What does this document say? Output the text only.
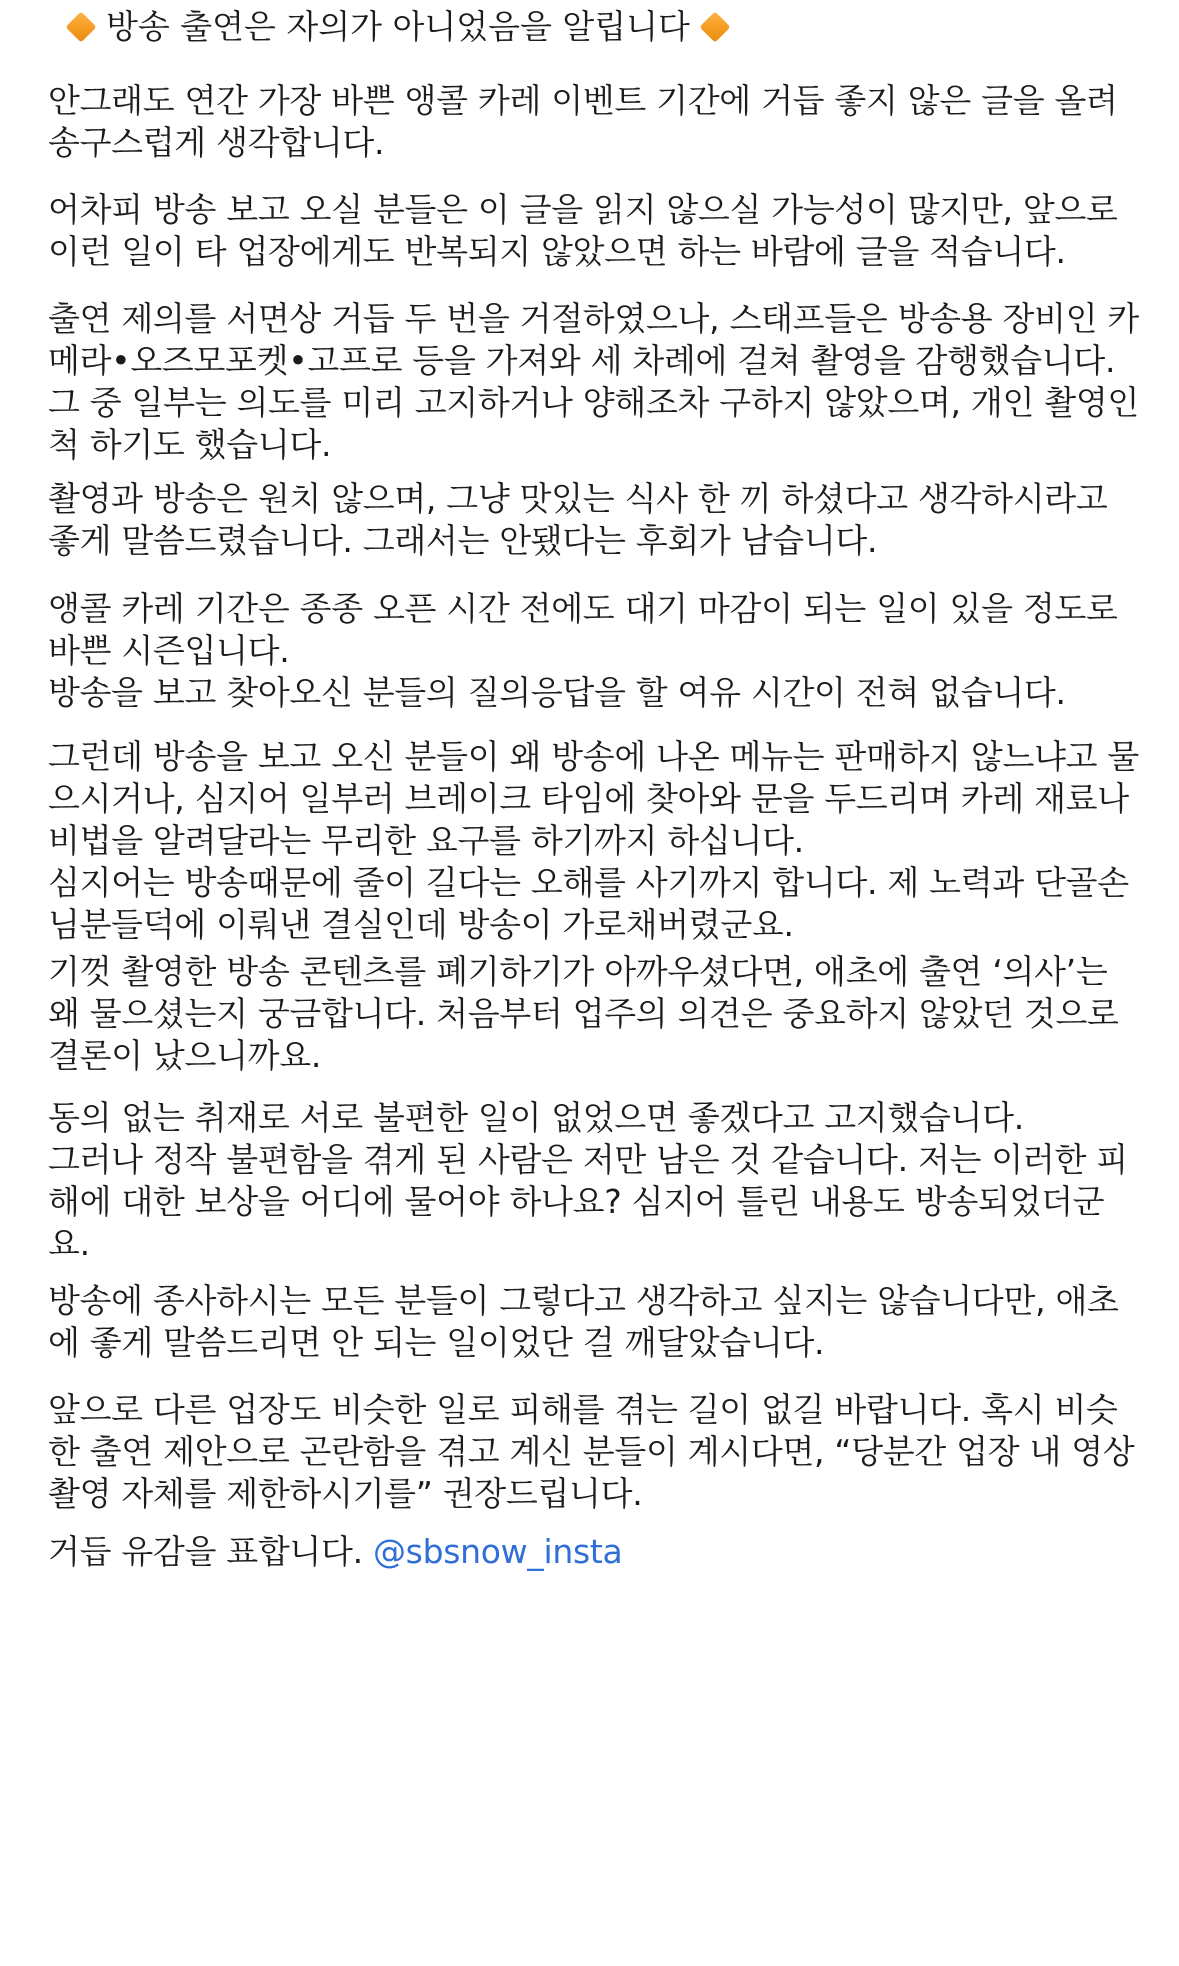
방송 출연은 자의가 아니었음을 알립니다
안그래도 연간 가장 바쁜 앵콜 카레 이벤트 기간에 거듭 좋지 않은 글을 올려
송구스럽게 생각합니다.
어차피 방송 보고 오실 분들은 이 글을 읽지 않으실 가능성이 많지만, 앞으로
이런 일이 타 업장에게도 반복되지 않았으면 하는 바람에 글을 적습니다.
출연 제의를 서면상 거듭 두 번을 거절하였으나, 스태프들은 방송용 장비인 카
메라•오즈모포켓•고프로 등을 가져와 세 차례에 걸쳐 촬영을 감행했습니다.
그 중 일부는 의도를 미리 고지하거나 양해조차 구하지 않았으며, 개인 촬영인
척 하기도 했습니다.
촬영과 방송은 원치 않으며, 그냥 맛있는 식사 한 끼 하셨다고 생각하시라고
좋게 말씀드렸습니다. 그래서는 안됐다는 후회가 남습니다.
앵콜 카레 기간은 종종 오픈 시간 전에도 대기 마감이 되는 일이 있을 정도로
바쁜 시즌입니다.
방송을 보고 찾아오신 분들의 질의응답을 할 여유 시간이 전혀 없습니다.
그런데 방송을 보고 오신 분들이 왜 방송에 나온 메뉴는 판매하지 않느냐고 물
으시거나, 심지어 일부러 브레이크 타임에 찾아와 문을 두드리며 카레 재료나
비법을 알려달라는 무리한 요구를 하기까지 하십니다.
심지어는 방송때문에 줄이 길다는 오해를 사기까지 합니다. 제 노력과 단골손
님분들덕에 이뤄낸 결실인데 방송이 가로채버렸군요.
기껏 촬영한 방송 콘텐츠를 폐기하기가 아까우셨다면, 애초에 출연 ‘의사’는
왜 물으셨는지 궁금합니다. 처음부터 업주의 의견은 중요하지 않았던 것으로
결론이 났으니까요.
동의 없는 취재로 서로 불편한 일이 없었으면 좋겠다고 고지했습니다.
그러나 정작 불편함을 겪게 된 사람은 저만 남은 것 같습니다. 저는 이러한 피
해에 대한 보상을 어디에 물어야 하나요? 심지어 틀린 내용도 방송되었더군
요.
방송에 종사하시는 모든 분들이 그렇다고 생각하고 싶지는 않습니다만, 애초
에 좋게 말씀드리면 안 되는 일이었단 걸 깨달았습니다.
앞으로 다른 업장도 비슷한 일로 피해를 겪는 길이 없길 바랍니다. 혹시 비슷
한 출연 제안으로 곤란함을 겪고 계신 분들이 계시다면, “당분간 업장 내 영상
촬영 자체를 제한하시기를” 권장드립니다.
거듭 유감을 표합니다. @sbsnow_insta
